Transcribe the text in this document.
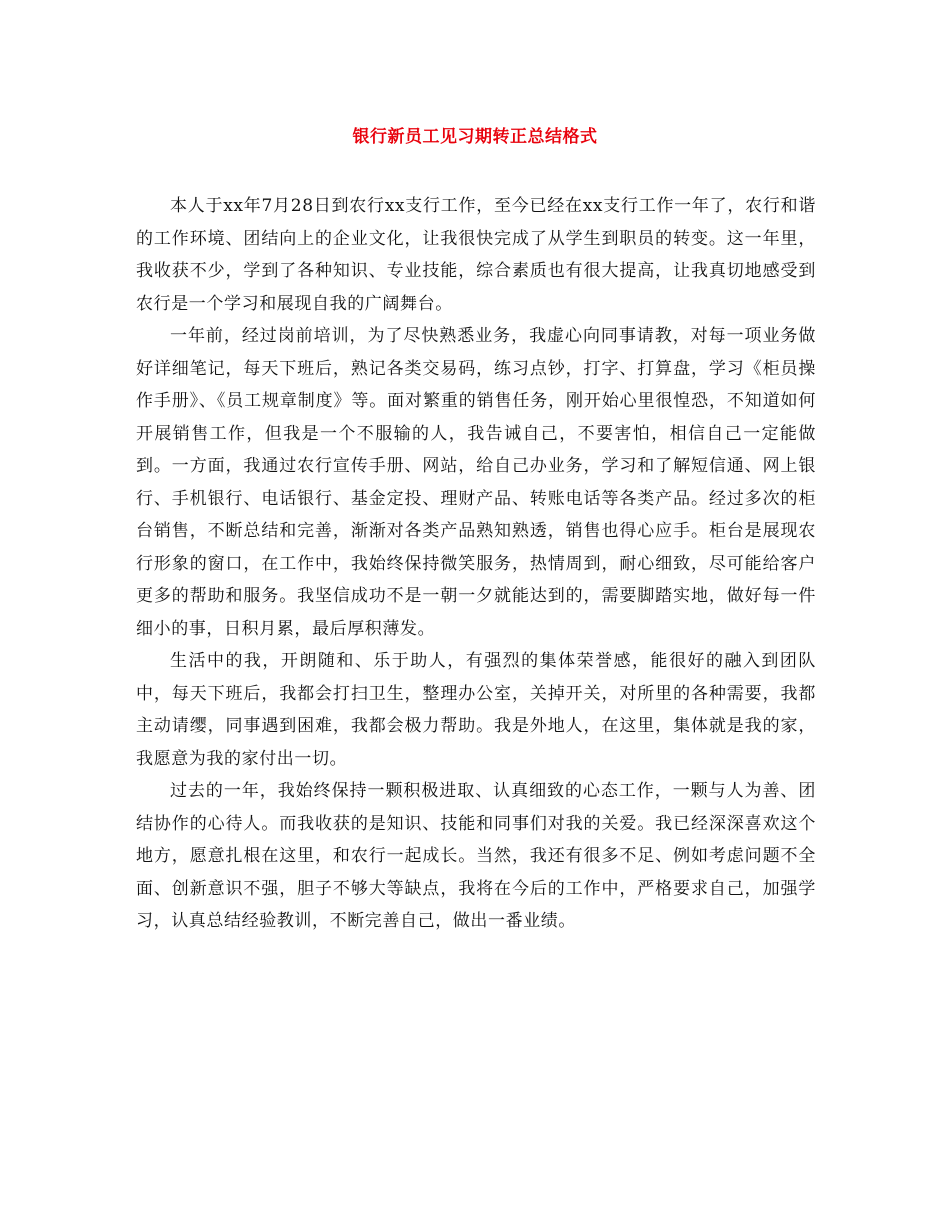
银行新员工见习期转正总结格式

本人于xx年7月28日到农行xx支行工作，至今已经在xx支行工作一年了，农行和谐的工作环境、团结向上的企业文化，让我很快完成了从学生到职员的转变。这一年里，我收获不少，学到了各种知识、专业技能，综合素质也有很大提高，让我真切地感受到农行是一个学习和展现自我的广阔舞台。

一年前，经过岗前培训，为了尽快熟悉业务，我虚心向同事请教，对每一项业务做好详细笔记，每天下班后，熟记各类交易码，练习点钞，打字、打算盘，学习《柜员操作手册》、《员工规章制度》等。面对繁重的销售任务，刚开始心里很惶恐，不知道如何开展销售工作，但我是一个不服输的人，我告诫自己，不要害怕，相信自己一定能做到。一方面，我通过农行宣传手册、网站，给自己办业务，学习和了解短信通、网上银行、手机银行、电话银行、基金定投、理财产品、转账电话等各类产品。经过多次的柜台销售，不断总结和完善，渐渐对各类产品熟知熟透，销售也得心应手。柜台是展现农行形象的窗口，在工作中，我始终保持微笑服务，热情周到，耐心细致，尽可能给客户更多的帮助和服务。我坚信成功不是一朝一夕就能达到的，需要脚踏实地，做好每一件细小的事，日积月累，最后厚积薄发。

生活中的我，开朗随和、乐于助人，有强烈的集体荣誉感，能很好的融入到团队中，每天下班后，我都会打扫卫生，整理办公室，关掉开关，对所里的各种需要，我都主动请缨，同事遇到困难，我都会极力帮助。我是外地人，在这里，集体就是我的家，我愿意为我的家付出一切。

过去的一年，我始终保持一颗积极进取、认真细致的心态工作，一颗与人为善、团结协作的心待人。而我收获的是知识、技能和同事们对我的关爱。我已经深深喜欢这个地方，愿意扎根在这里，和农行一起成长。当然，我还有很多不足、例如考虑问题不全面、创新意识不强，胆子不够大等缺点，我将在今后的工作中，严格要求自己，加强学习，认真总结经验教训，不断完善自己，做出一番业绩。
